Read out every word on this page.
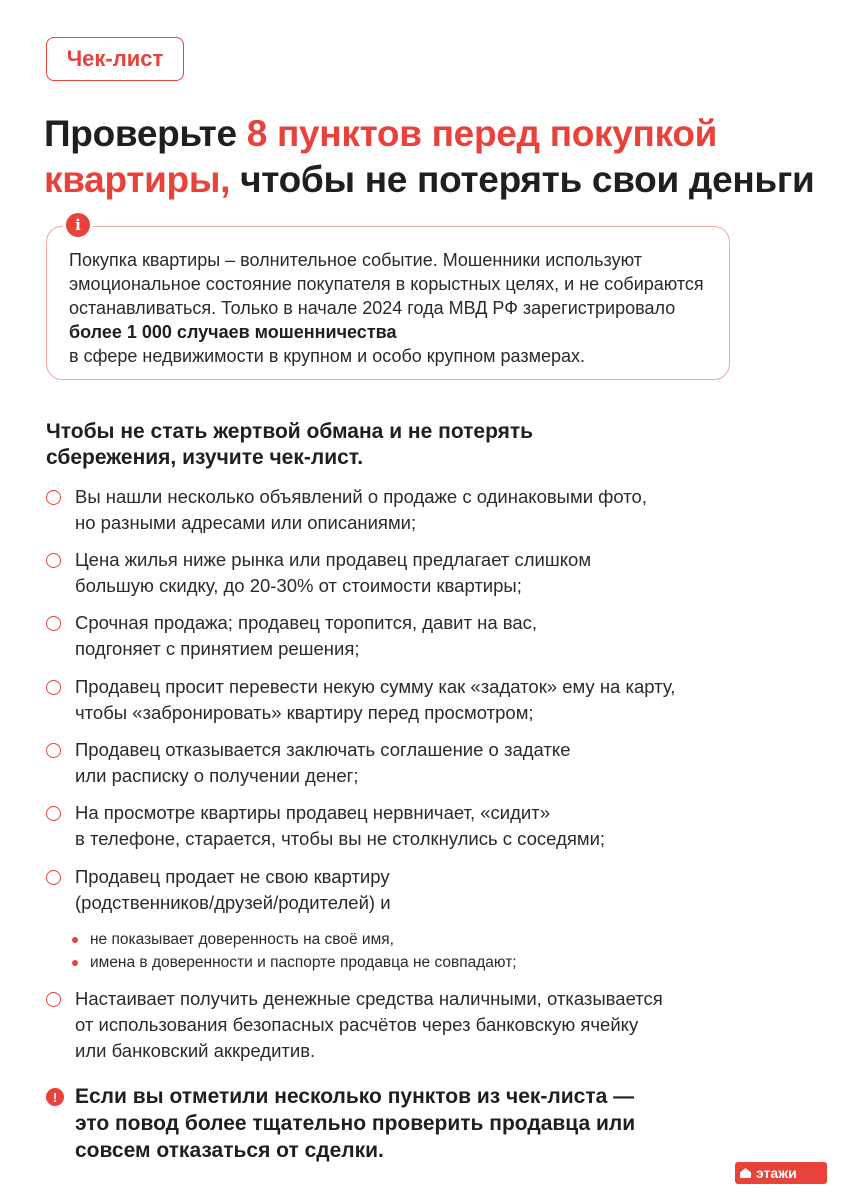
Чек-лист
Проверьте 8 пунктов перед покупкой
квартиры, чтобы не потерять свои деньги
Покупка квартиры – волнительное событие. Мошенники используют эмоциональное состояние покупателя в корыстных целях, и не собираются останавливаться. Только в начале 2024 года МВД РФ зарегистрировало более 1 000 случаев мошенничества
в сфере недвижимости в крупном и особо крупном размерах.
i
Чтобы не стать жертвой обмана и не потерять
сбережения, изучите чек-лист.
Вы нашли несколько объявлений о продаже с одинаковыми фото,
но разными адресами или описаниями;
Цена жилья ниже рынка или продавец предлагает слишком
большую скидку, до 20-30% от стоимости квартиры;
Срочная продажа; продавец торопится, давит на вас,
подгоняет с принятием решения;
Продавец просит перевести некую сумму как «задаток» ему на карту,
чтобы «забронировать» квартиру перед просмотром;
Продавец отказывается заключать соглашение о задатке
или расписку о получении денег;
На просмотре квартиры продавец нервничает, «сидит»
в телефоне, старается, чтобы вы не столкнулись с соседями;
Продавец продает не свою квартиру
(родственников/друзей/родителей) и
не показывает доверенность на своё имя,
имена в доверенности и паспорте продавца не совпадают;
Настаивает получить денежные средства наличными, отказывается
от использования безопасных расчётов через банковскую ячейку
или банковский аккредитив.
! Если вы отметили несколько пунктов из чек-листа —
это повод более тщательно проверить продавца или
совсем отказаться от сделки.
этажи
